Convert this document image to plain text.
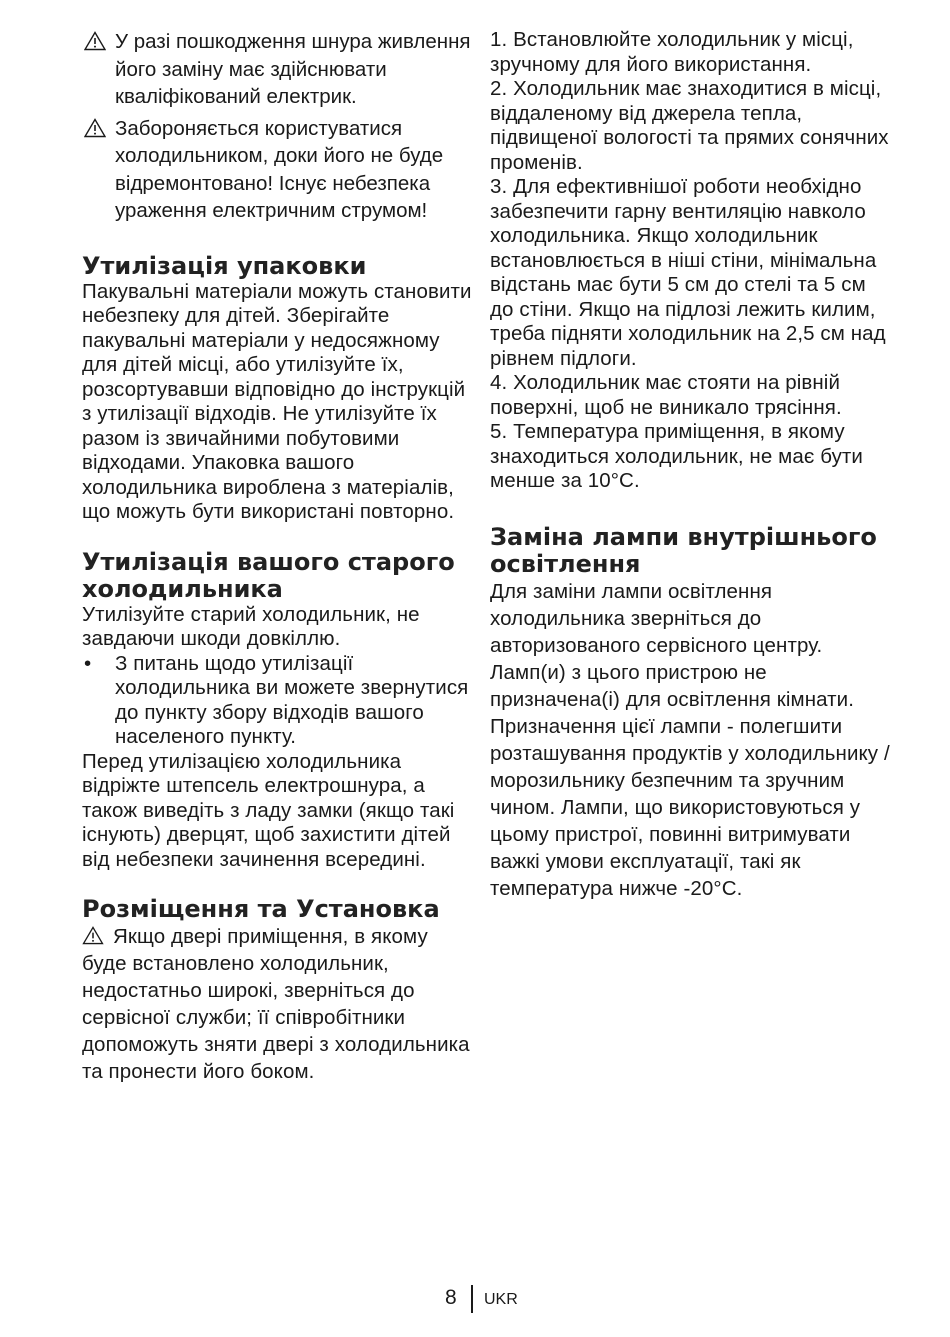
У разі пошкодження шнура живлення його заміну має здійснювати кваліфікований електрик.
Забороняється користуватися холодильником, доки його не буде відремонтовано! Існує небезпека ураження електричним струмом!
Утилізація упаковки

Пакувальні матеріали можуть становити небезпеку для дітей. Зберігайте пакувальні матеріали у недосяжному для дітей місці, або утилізуйте їх, розсортувавши відповідно до інструкцій з утилізації відходів. Не утилізуйте їх разом із звичайними побутовими відходами. Упаковка вашого холодильника вироблена з матеріалів, що можуть бути використані повторно.

Утилізація вашого старого
холодильника

Утилізуйте старий холодильник, не завдаючи шкоди довкіллю.

• З питань щодо утилізації холодильника ви можете звернутися до пункту збору відходів вашого населеного пункту.

Перед утилізацією холодильника відріжте штепсель електрошнура, а також виведіть з ладу замки (якщо такі існують) дверцят, щоб захистити дітей від небезпеки зачинення всередині.

Розміщення та Установка

Якщо двері приміщення, в якому буде встановлено холодильник, недостатньо широкі, зверніться до сервісної служби; її співробітники допоможуть зняти двері з холодильника та пронести його боком.

1. Встановлюйте холодильник у місці, зручному для його використання.

2. Холодильник має знаходитися в місці, віддаленому від джерела тепла, підвищеної вологості та прямих сонячних променів.

3. Для ефективнішої роботи необхідно забезпечити гарну вентиляцію навколо холодильника. Якщо холодильник встановлюється в ніші стіни, мінімальна відстань має бути 5 см до стелі та 5 см до стіни. Якщо на підлозі лежить килим, треба підняти холодильник на 2,5 см над рівнем підлоги.

4. Холодильник має стояти на рівній поверхні, щоб не виникало трясіння.

5. Температура приміщення, в якому знаходиться холодильник, не має бути менше за 10°С.

Заміна лампи внутрішнього
освітлення

Для заміни лампи освітлення холодильника зверніться до авторизованого сервісного центру. Ламп(и) з цього пристрою не призначена(і) для освітлення кімнати. Призначення цієї лампи - полегшити розташування продуктів у холодильнику / морозильнику безпечним та зручним чином. Лампи, що використовуються у цьому пристрої, повинні витримувати важкі умови експлуатації, такі як температура нижче -20°С.

8 UKR
